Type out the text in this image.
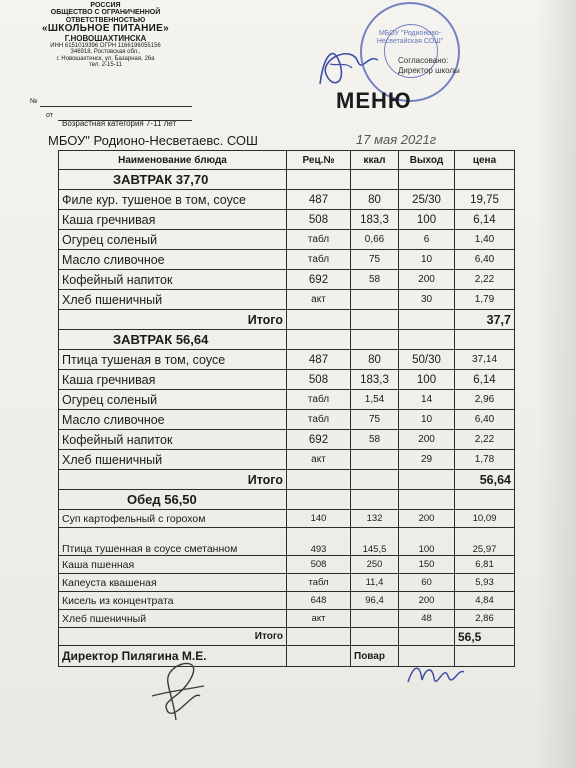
РОССИЯ
ОБЩЕСТВО С ОГРАНИЧЕННОЙ ОТВЕТСТВЕННОСТЬЮ
«ШКОЛЬНОЕ ПИТАНИЕ»
Г.НОВОШАХТИНСКА
ИНН 6151019396 ОГРН 1166196055156
346918, Ростовская обл.,
г. Новошахтинск, ул. Базарная, 26а
тел. 2-15-11
№
от
Возрастная категория 7-11 лет
МБОУ "Родионово-Несветайская СОШ"
Согласовано:
Директор школы
МЕНЮ
МБОУ" Родионо-Несветаевс. СОШ	17 мая 2021г
Наименование блюда	Рец.№	ккал	Выход	цена
ЗАВТРАК 37,70				
Филе кур. тушеное в том, соусе	487	80	25/30	19,75
Каша гречнивая	508	183,3	100	6,14
Огурец соленый	табл	0,66	6	1,40
Масло сливочное	табл	75	10	6,40
Кофейный напиток	692	58	200	2,22
Хлеб пшеничный	акт		30	1,79
Итого				37,7
ЗАВТРАК 56,64				
Птица тушеная в том, соусе	487	80	50/30	37,14
Каша гречнивая	508	183,3	100	6,14
Огурец соленый	табл	1,54	14	2,96
Масло сливочное	табл	75	10	6,40
Кофейный напиток	692	58	200	2,22
Хлеб пшеничный	акт		29	1,78
Итого				56,64
Обед 56,50				
Суп картофельный с горохом	140	132	200	10,09
Птица тушенная в соусе сметанном	493	145,5	100	25,97
Каша пшенная	508	250	150	6,81
Капеуста квашеная	табл	11,4	60	5,93
Кисель из концентрата	648	96,4	200	4,84
Хлеб пшеничный	акт		48	2,86
Итого				56,5
Директор Пилягина М.Е.		Повар		
